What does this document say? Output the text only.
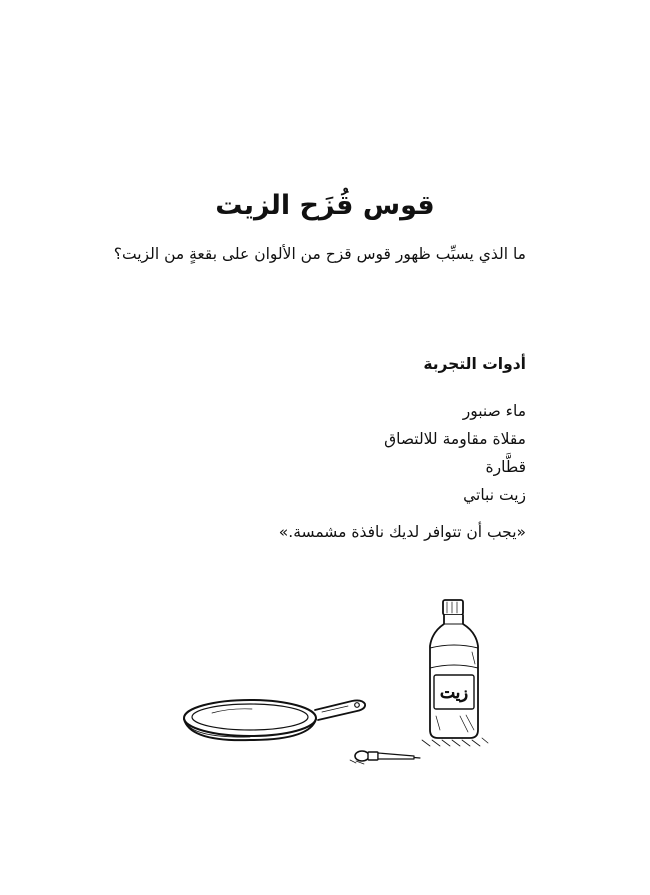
قوس قُزَح الزيت
ما الذي يسبِّب ظهور قوس قزح من الألوان على بقعةٍ من الزيت؟
أدوات التجربة
ماء صنبور
مقلاة مقاومة للالتصاق
قطَّارة
زيت نباتي
«يجب أن تتوافر لديك نافذة مشمسة.»
زيت
